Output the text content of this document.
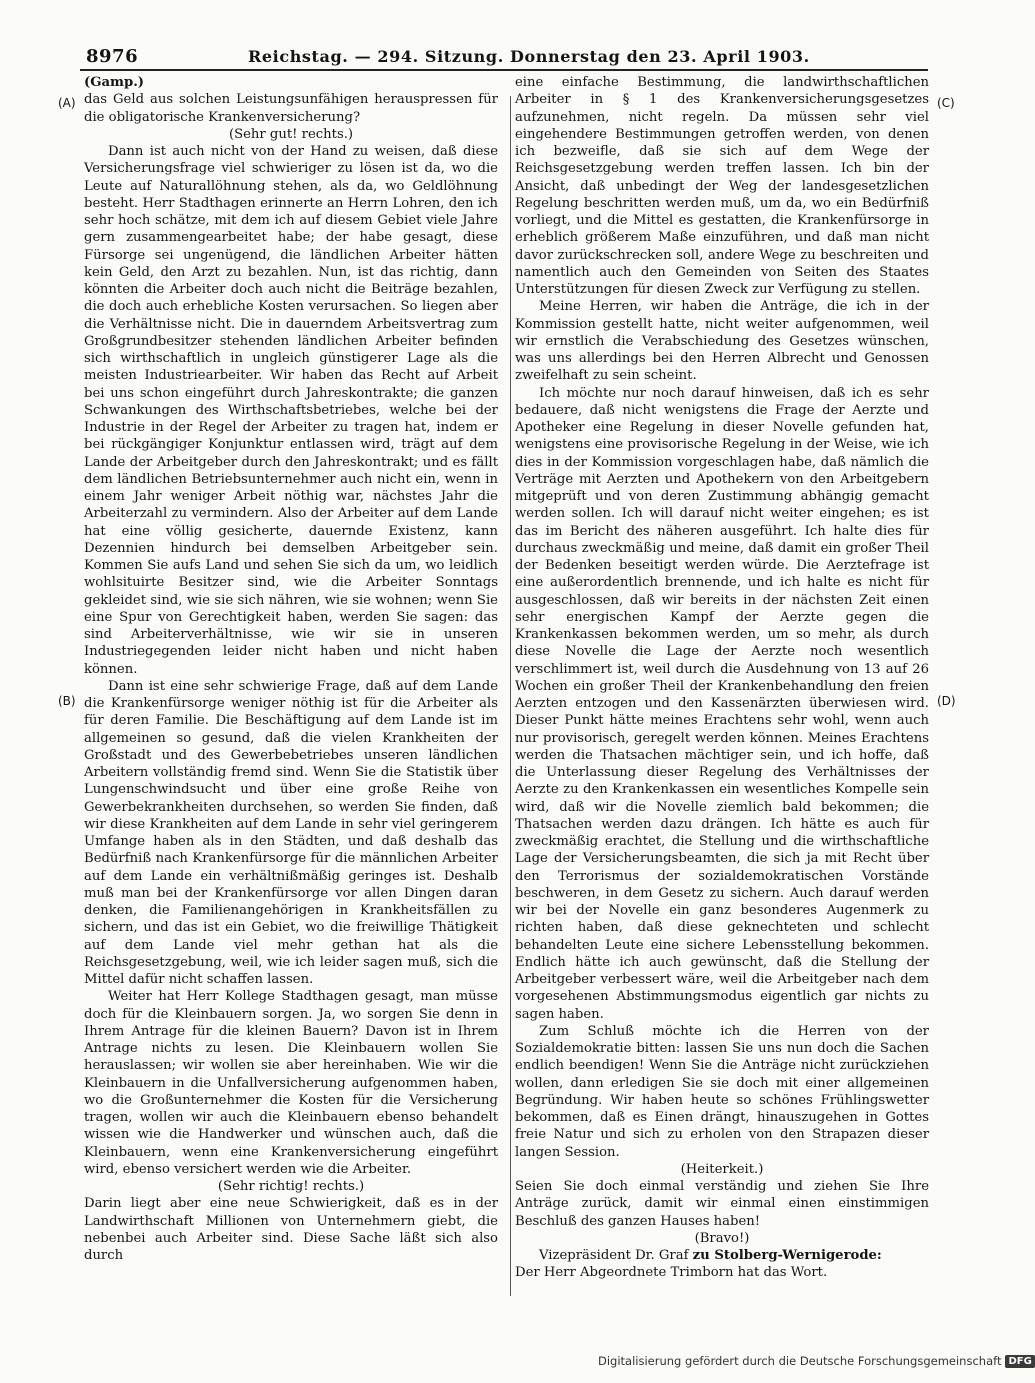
8976	Reichstag. — 294. Sitzung. Donnerstag den 23. April 1903.
(A)
(B)
(C)
(D)

(Gamp.)

das Geld aus solchen Leistungsunfähigen herauspressen für die obligatorische Krankenversicherung?

(Sehr gut! rechts.)

Dann ist auch nicht von der Hand zu weisen, daß diese Versicherungsfrage viel schwieriger zu lösen ist da, wo die Leute auf Naturallöhnung stehen, als da, wo Geldlöhnung besteht. Herr Stadthagen erinnerte an Herrn Lohren, den ich sehr hoch schätze, mit dem ich auf diesem Gebiet viele Jahre gern zusammengearbeitet habe; der habe gesagt, diese Fürsorge sei ungenügend, die ländlichen Arbeiter hätten kein Geld, den Arzt zu bezahlen. Nun, ist das richtig, dann könnten die Arbeiter doch auch nicht die Beiträge bezahlen, die doch auch erhebliche Kosten verursachen. So liegen aber die Verhältnisse nicht. Die in dauerndem Arbeitsvertrag zum Großgrundbesitzer stehenden ländlichen Arbeiter befinden sich wirthschaftlich in ungleich günstigerer Lage als die meisten Industriearbeiter. Wir haben das Recht auf Arbeit bei uns schon eingeführt durch Jahreskontrakte; die ganzen Schwankungen des Wirthschaftsbetriebes, welche bei der Industrie in der Regel der Arbeiter zu tragen hat, indem er bei rückgängiger Konjunktur entlassen wird, trägt auf dem Lande der Arbeitgeber durch den Jahreskontrakt; und es fällt dem ländlichen Betriebsunternehmer auch nicht ein, wenn in einem Jahr weniger Arbeit nöthig war, nächstes Jahr die Arbeiterzahl zu vermindern. Also der Arbeiter auf dem Lande hat eine völlig gesicherte, dauernde Existenz, kann Dezennien hindurch bei demselben Arbeitgeber sein. Kommen Sie aufs Land und sehen Sie sich da um, wo leidlich wohlsituirte Besitzer sind, wie die Arbeiter Sonntags gekleidet sind, wie sie sich nähren, wie sie wohnen; wenn Sie eine Spur von Gerechtigkeit haben, werden Sie sagen: das sind Arbeiterverhältnisse, wie wir sie in unseren Industriegegenden leider nicht haben und nicht haben können.

Dann ist eine sehr schwierige Frage, daß auf dem Lande die Krankenfürsorge weniger nöthig ist für die Arbeiter als für deren Familie. Die Beschäftigung auf dem Lande ist im allgemeinen so gesund, daß die vielen Krankheiten der Großstadt und des Gewerbebetriebes unseren ländlichen Arbeitern vollständig fremd sind. Wenn Sie die Statistik über Lungenschwindsucht und über eine große Reihe von Gewerbekrankheiten durchsehen, so werden Sie finden, daß wir diese Krankheiten auf dem Lande in sehr viel geringerem Umfange haben als in den Städten, und daß deshalb das Bedürfniß nach Krankenfürsorge für die männlichen Arbeiter auf dem Lande ein verhältnißmäßig geringes ist. Deshalb muß man bei der Krankenfürsorge vor allen Dingen daran denken, die Familienangehörigen in Krankheitsfällen zu sichern, und das ist ein Gebiet, wo die freiwillige Thätigkeit auf dem Lande viel mehr gethan hat als die Reichsgesetzgebung, weil, wie ich leider sagen muß, sich die Mittel dafür nicht schaffen lassen.

Weiter hat Herr Kollege Stadthagen gesagt, man müsse doch für die Kleinbauern sorgen. Ja, wo sorgen Sie denn in Ihrem Antrage für die kleinen Bauern? Davon ist in Ihrem Antrage nichts zu lesen. Die Kleinbauern wollen Sie herauslassen; wir wollen sie aber hereinhaben. Wie wir die Kleinbauern in die Unfallversicherung aufgenommen haben, wo die Großunternehmer die Kosten für die Versicherung tragen, wollen wir auch die Kleinbauern ebenso behandelt wissen wie die Handwerker und wünschen auch, daß die Kleinbauern, wenn eine Krankenversicherung eingeführt wird, ebenso versichert werden wie die Arbeiter.

(Sehr richtig! rechts.)

Darin liegt aber eine neue Schwierigkeit, daß es in der Landwirthschaft Millionen von Unternehmern giebt, die nebenbei auch Arbeiter sind. Diese Sache läßt sich also durch

eine einfache Bestimmung, die landwirthschaftlichen Arbeiter in § 1 des Krankenversicherungsgesetzes aufzunehmen, nicht regeln. Da müssen sehr viel eingehendere Bestimmungen getroffen werden, von denen ich bezweifle, daß sie sich auf dem Wege der Reichsgesetzgebung werden treffen lassen. Ich bin der Ansicht, daß unbedingt der Weg der landesgesetzlichen Regelung beschritten werden muß, um da, wo ein Bedürfniß vorliegt, und die Mittel es gestatten, die Krankenfürsorge in erheblich größerem Maße einzuführen, und daß man nicht davor zurückschrecken soll, andere Wege zu beschreiten und namentlich auch den Gemeinden von Seiten des Staates Unterstützungen für diesen Zweck zur Verfügung zu stellen.

Meine Herren, wir haben die Anträge, die ich in der Kommission gestellt hatte, nicht weiter aufgenommen, weil wir ernstlich die Verabschiedung des Gesetzes wünschen, was uns allerdings bei den Herren Albrecht und Genossen zweifelhaft zu sein scheint.

Ich möchte nur noch darauf hinweisen, daß ich es sehr bedauere, daß nicht wenigstens die Frage der Aerzte und Apotheker eine Regelung in dieser Novelle gefunden hat, wenigstens eine provisorische Regelung in der Weise, wie ich dies in der Kommission vorgeschlagen habe, daß nämlich die Verträge mit Aerzten und Apothekern von den Arbeitgebern mitgeprüft und von deren Zustimmung abhängig gemacht werden sollen. Ich will darauf nicht weiter eingehen; es ist das im Bericht des näheren ausgeführt. Ich halte dies für durchaus zweckmäßig und meine, daß damit ein großer Theil der Bedenken beseitigt werden würde. Die Aerztefrage ist eine außerordentlich brennende, und ich halte es nicht für ausgeschlossen, daß wir bereits in der nächsten Zeit einen sehr energischen Kampf der Aerzte gegen die Krankenkassen bekommen werden, um so mehr, als durch diese Novelle die Lage der Aerzte noch wesentlich verschlimmert ist, weil durch die Ausdehnung von 13 auf 26 Wochen ein großer Theil der Krankenbehandlung den freien Aerzten entzogen und den Kassenärzten überwiesen wird. Dieser Punkt hätte meines Erachtens sehr wohl, wenn auch nur provisorisch, geregelt werden können. Meines Erachtens werden die Thatsachen mächtiger sein, und ich hoffe, daß die Unterlassung dieser Regelung des Verhältnisses der Aerzte zu den Krankenkassen ein wesentliches Kompelle sein wird, daß wir die Novelle ziemlich bald bekommen; die Thatsachen werden dazu drängen. Ich hätte es auch für zweckmäßig erachtet, die Stellung und die wirthschaftliche Lage der Versicherungsbeamten, die sich ja mit Recht über den Terrorismus der sozialdemokratischen Vorstände beschweren, in dem Gesetz zu sichern. Auch darauf werden wir bei der Novelle ein ganz besonderes Augenmerk zu richten haben, daß diese geknechteten und schlecht behandelten Leute eine sichere Lebensstellung bekommen. Endlich hätte ich auch gewünscht, daß die Stellung der Arbeitgeber verbessert wäre, weil die Arbeitgeber nach dem vorgesehenen Abstimmungsmodus eigentlich gar nichts zu sagen haben.

Zum Schluß möchte ich die Herren von der Sozialdemokratie bitten: lassen Sie uns nun doch die Sachen endlich beendigen! Wenn Sie die Anträge nicht zurückziehen wollen, dann erledigen Sie sie doch mit einer allgemeinen Begründung. Wir haben heute so schönes Frühlingswetter bekommen, daß es Einen drängt, hinauszugehen in Gottes freie Natur und sich zu erholen von den Strapazen dieser langen Session.

(Heiterkeit.)

Seien Sie doch einmal verständig und ziehen Sie Ihre Anträge zurück, damit wir einmal einen einstimmigen Beschluß des ganzen Hauses haben!

(Bravo!)

Vizepräsident Dr. Graf zu Stolberg-Wernigerode:

Der Herr Abgeordnete Trimborn hat das Wort.

Digitalisierung gefördert durch die Deutsche Forschungsgemeinschaft DFG
